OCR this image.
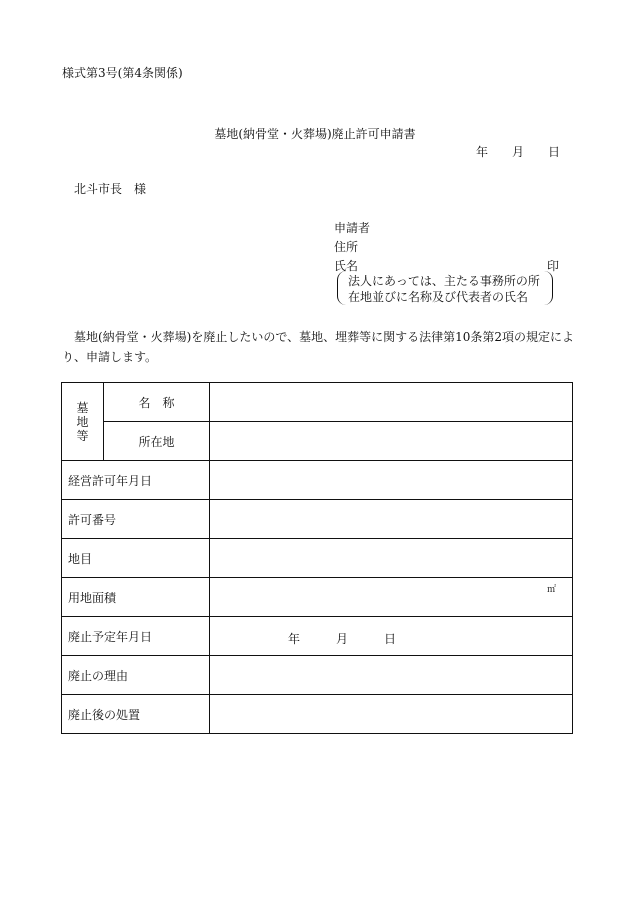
様式第3号(第4条関係)
墓地(納骨堂・火葬場)廃止許可申請書
年 月 日
北斗市長　様
申請者
住所
氏名	印
法人にあっては、主たる事務所の所
在地並びに名称及び代表者の氏名
墓地(納骨堂・火葬場)を廃止したいので、墓地、埋葬等に関する法律第10条第2項の規定により、申請します。
墓地等	名　称	
	所在地	
経営許可年月日		
許可番号		
地目		
用地面積		㎡

廃止予定年月日		年 月 日

廃止の理由		
廃止後の処置		
